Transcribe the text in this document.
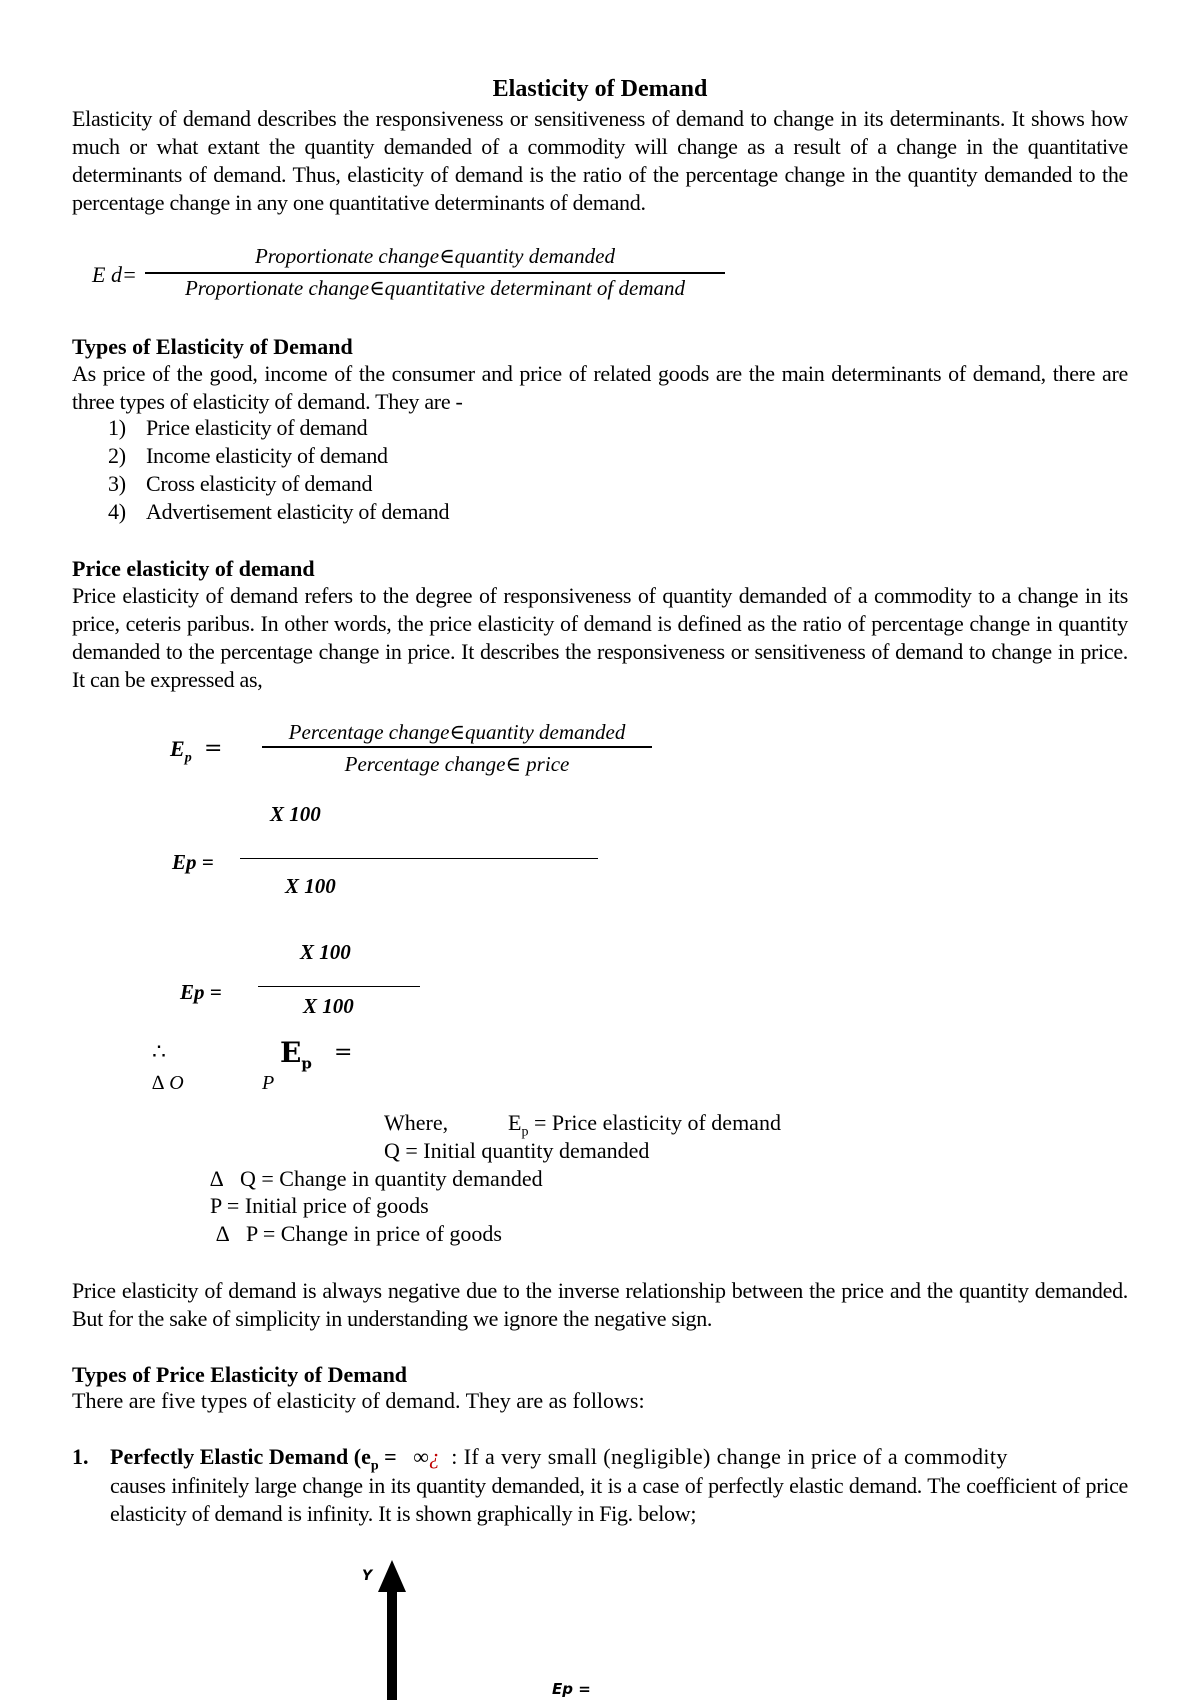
Elasticity of Demand
Elasticity of demand describes the responsiveness or sensitiveness of demand to change in its determinants. It shows how much or what extant the quantity demanded of a commodity will change as a result of a change in the quantitative determinants of demand. Thus, elasticity of demand is the ratio of the percentage change in the quantity demanded to the percentage change in any one quantitative determinants of demand.
E d=
Proportionate change∈quantity demanded
Proportionate change∈quantitative determinant of demand
Types of Elasticity of Demand
As price of the good, income of the consumer and price of related goods are the main determinants of demand, there are three types of elasticity of demand. They are -
1) Price elasticity of demand
2) Income elasticity of demand
3) Cross elasticity of demand
4) Advertisement elasticity of demand
Price elasticity of demand
Price elasticity of demand refers to the degree of responsiveness of quantity demanded of a commodity to a change in its price, ceteris paribus. In other words, the price elasticity of demand is defined as the ratio of percentage change in quantity demanded to the percentage change in price. It describes the responsiveness or sensitiveness of demand to change in price. It can be expressed as,
$E_p$ =
Percentage change∈quantity demanded
Percentage change∈ price
X 100
Ep =
X 100
X 100
Ep =
X 100
∴	$E_p$ =
∆ O	P
Where,	$E_p$ = Price elasticity of demand
Q = Initial quantity demanded
∆   Q = Change in quantity demanded
P = Initial price of goods
∆   P = Change in price of goods
Price elasticity of demand is always negative due to the inverse relationship between the price and the quantity demanded. But for the sake of simplicity in understanding we ignore the negative sign.
Types of Price Elasticity of Demand
There are five types of elasticity of demand. They are as follows:
1. Perfectly Elastic Demand ($e_p$ =   ∞¿  : If a very small (negligible) change in price of a commodity
causes infinitely large change in its quantity demanded, it is a case of perfectly elastic demand. The coefficient of price elasticity of demand is infinity. It is shown graphically in Fig. below;
Y
Ep =
